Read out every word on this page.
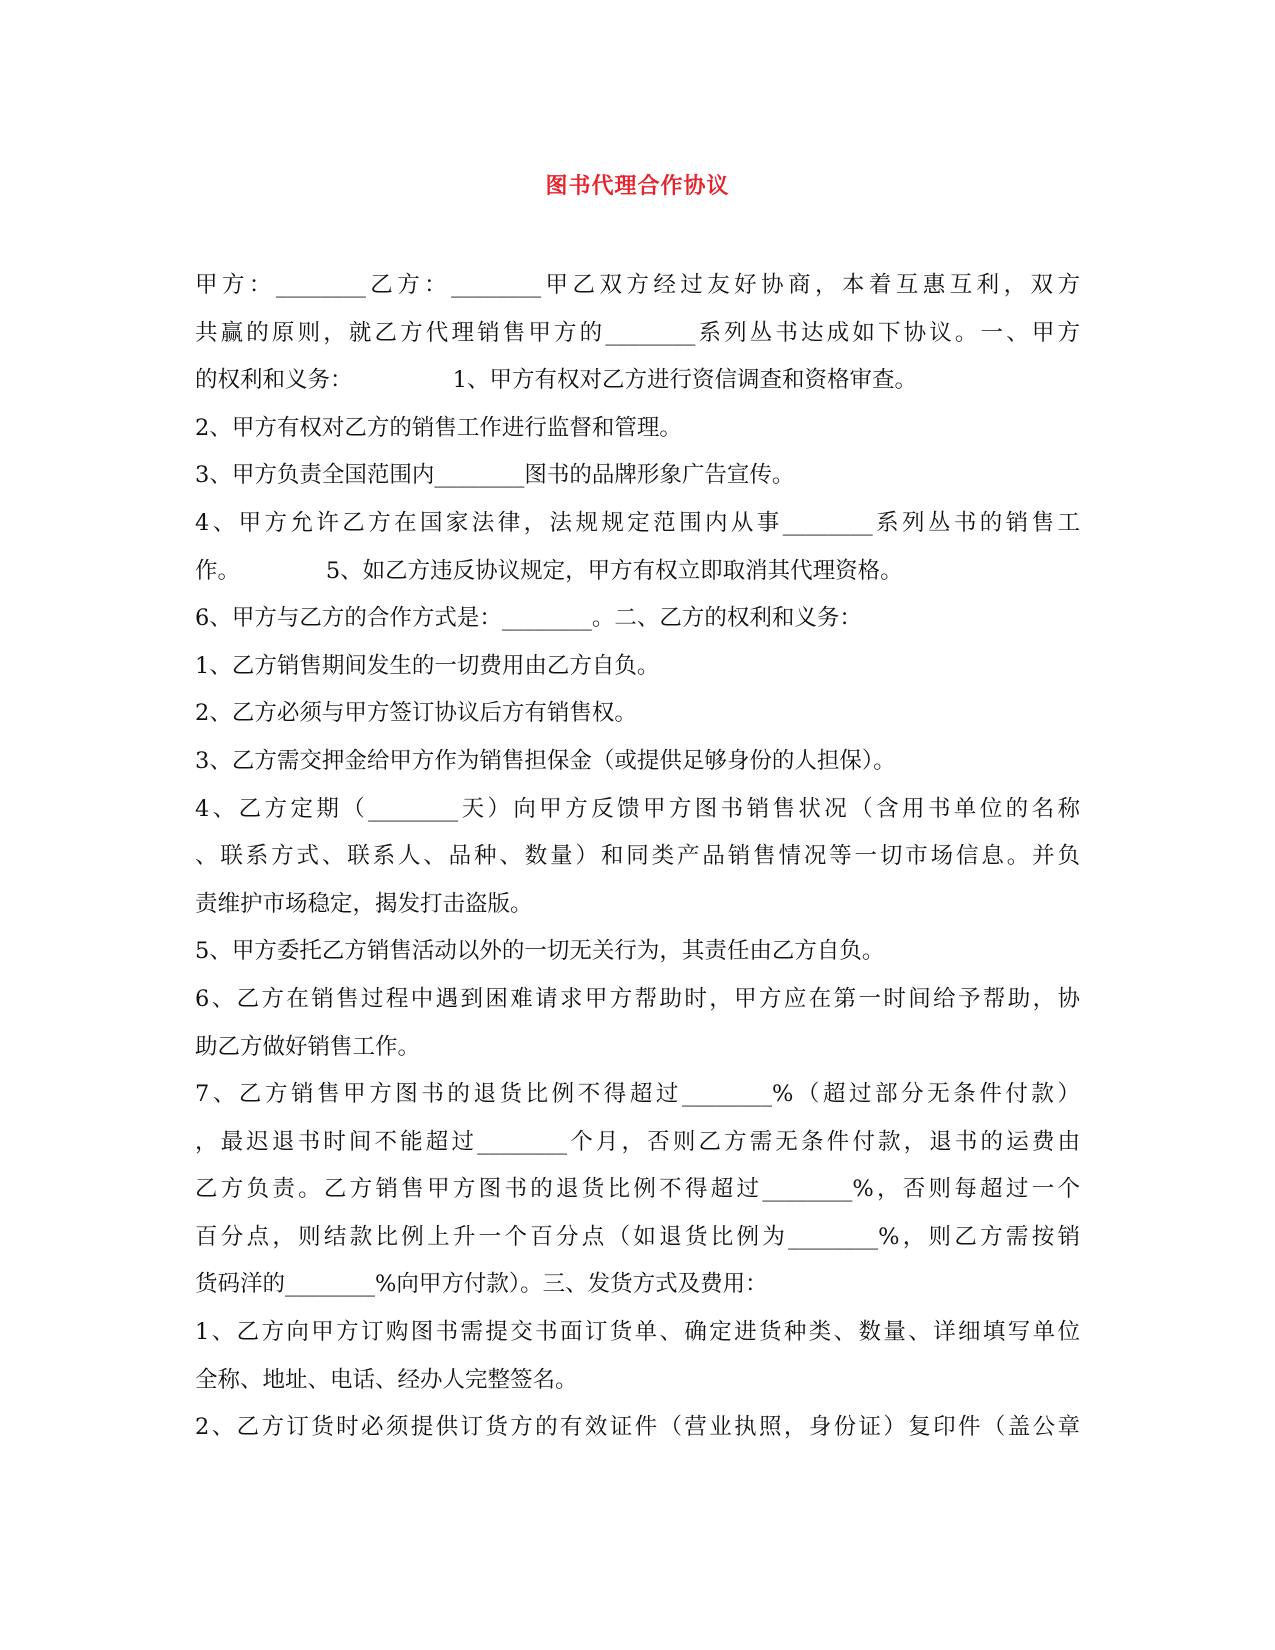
图书代理合作协议
甲方：________乙方：________甲乙双方经过友好协商，本着互惠互利，双方
共赢的原则，就乙方代理销售甲方的________系列丛书达成如下协议。一、甲方
的权利和义务：              1、甲方有权对乙方进行资信调查和资格审查。
2、甲方有权对乙方的销售工作进行监督和管理。
3、甲方负责全国范围内________图书的品牌形象广告宣传。
4、甲方允许乙方在国家法律，法规规定范围内从事________系列丛书的销售工
作。            5、如乙方违反协议规定，甲方有权立即取消其代理资格。
6、甲方与乙方的合作方式是：________。二、乙方的权利和义务：
1、乙方销售期间发生的一切费用由乙方自负。
2、乙方必须与甲方签订协议后方有销售权。
3、乙方需交押金给甲方作为销售担保金（或提供足够身份的人担保）。
4、乙方定期（________天）向甲方反馈甲方图书销售状况（含用书单位的名称
、联系方式、联系人、品种、数量）和同类产品销售情况等一切市场信息。并负
责维护市场稳定，揭发打击盗版。
5、甲方委托乙方销售活动以外的一切无关行为，其责任由乙方自负。
6、乙方在销售过程中遇到困难请求甲方帮助时，甲方应在第一时间给予帮助，协
助乙方做好销售工作。
7、乙方销售甲方图书的退货比例不得超过________%（超过部分无条件付款）
，最迟退书时间不能超过________个月，否则乙方需无条件付款，退书的运费由
乙方负责。乙方销售甲方图书的退货比例不得超过________%，否则每超过一个
百分点，则结款比例上升一个百分点（如退货比例为________%，则乙方需按销
货码洋的________%向甲方付款）。三、发货方式及费用：
1、乙方向甲方订购图书需提交书面订货单、确定进货种类、数量、详细填写单位
全称、地址、电话、经办人完整签名。
2、乙方订货时必须提供订货方的有效证件（营业执照，身份证）复印件（盖公章
